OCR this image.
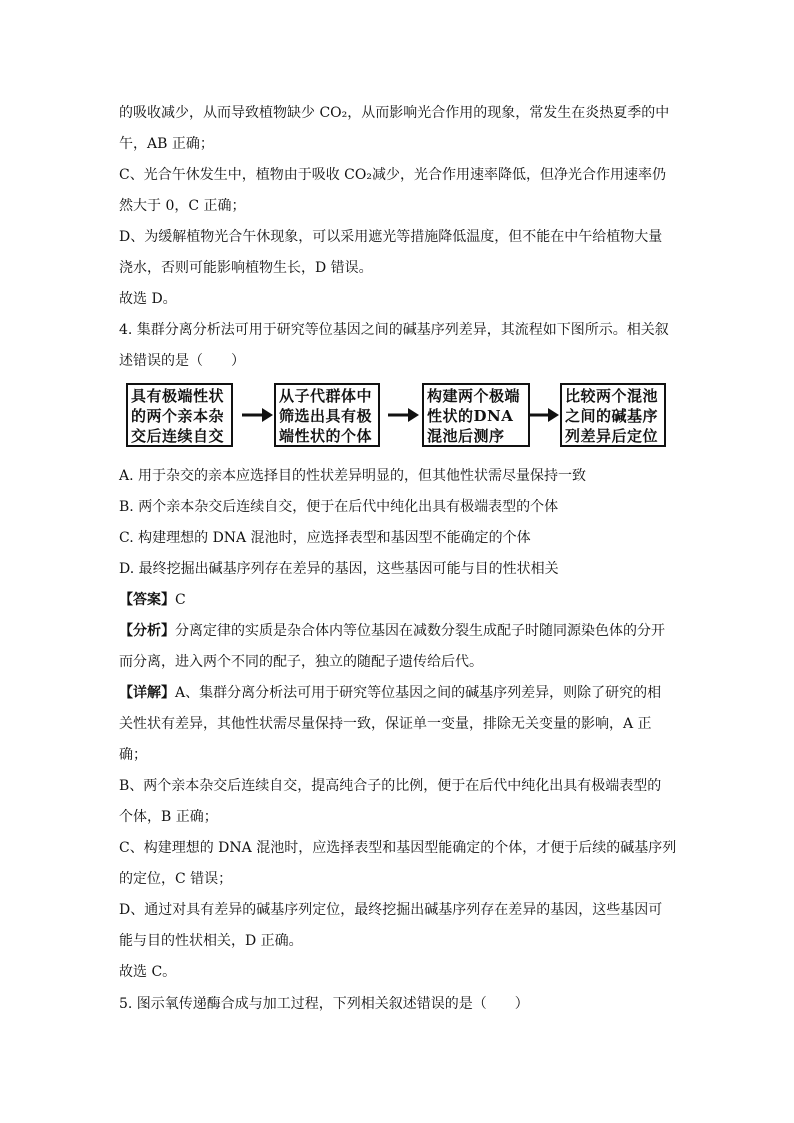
的吸收减少，从而导致植物缺少 CO₂，从而影响光合作用的现象，常发生在炎热夏季的中
午，AB 正确；
C、光合午休发生中，植物由于吸收 CO₂减少，光合作用速率降低，但净光合作用速率仍
然大于 0，C 正确；
D、为缓解植物光合午休现象，可以采用遮光等措施降低温度，但不能在中午给植物大量
浇水，否则可能影响植物生长，D 错误。
故选 D。
4. 集群分离分析法可用于研究等位基因之间的碱基序列差异，其流程如下图所示。相关叙
述错误的是（　　）
具有极端性状
的两个亲本杂
交后连续自交
从子代群体中
筛选出具有极
端性状的个体
构建两个极端
性状的DNA
混池后测序
比较两个混池
之间的碱基序
列差异后定位
A. 用于杂交的亲本应选择目的性状差异明显的，但其他性状需尽量保持一致
B. 两个亲本杂交后连续自交，便于在后代中纯化出具有极端表型的个体
C. 构建理想的 DNA 混池时，应选择表型和基因型不能确定的个体
D. 最终挖掘出碱基序列存在差异的基因，这些基因可能与目的性状相关
【答案】C
【分析】分离定律的实质是杂合体内等位基因在减数分裂生成配子时随同源染色体的分开
而分离，进入两个不同的配子，独立的随配子遗传给后代。
【详解】A、集群分离分析法可用于研究等位基因之间的碱基序列差异，则除了研究的相
关性状有差异，其他性状需尽量保持一致，保证单一变量，排除无关变量的影响，A 正
确；
B、两个亲本杂交后连续自交，提高纯合子的比例，便于在后代中纯化出具有极端表型的
个体，B 正确；
C、构建理想的 DNA 混池时，应选择表型和基因型能确定的个体，才便于后续的碱基序列
的定位，C 错误；
D、通过对具有差异的碱基序列定位，最终挖掘出碱基序列存在差异的基因，这些基因可
能与目的性状相关，D 正确。
故选 C。
5. 图示氧传递酶合成与加工过程，下列相关叙述错误的是（　　）
